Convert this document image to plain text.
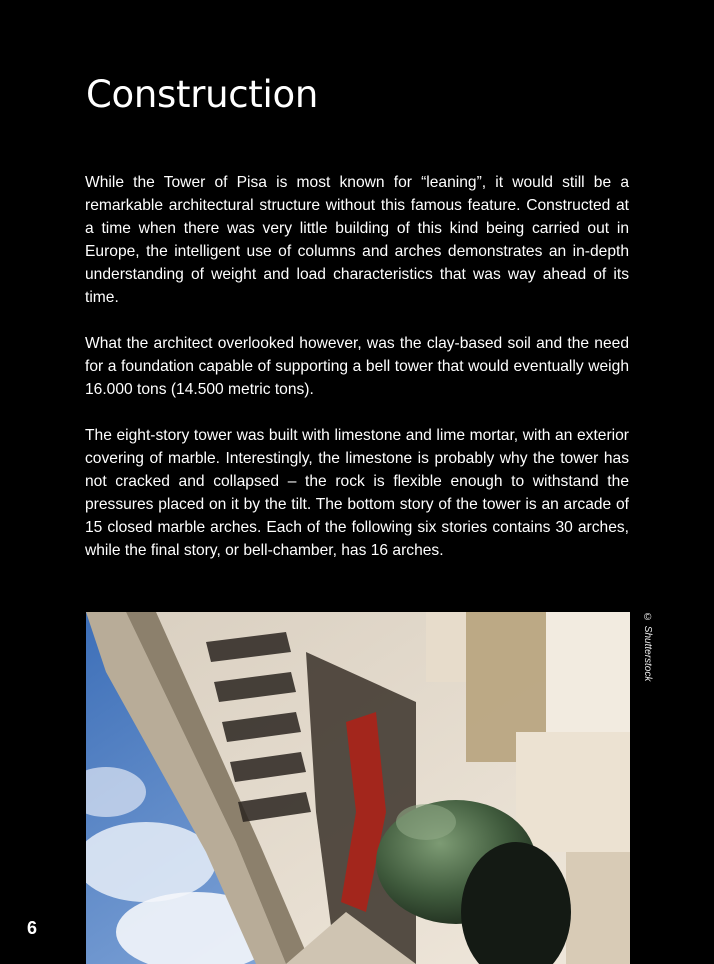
Construction

While the Tower of Pisa is most known for “leaning”, it would still be a remarkable architectural structure without this famous feature. Constructed at a time when there was very little building of this kind being carried out in Europe, the intelligent use of columns and arches demonstrates an in-depth understanding of weight and load characteristics that was way ahead of its time.

What the architect overlooked however, was the clay-based soil and the need for a foundation capable of supporting a bell tower that would eventually weigh 16.000 tons (14.500 metric tons).

The eight-story tower was built with limestone and lime mortar, with an exterior covering of marble. Interestingly, the limestone is probably why the tower has not cracked and collapsed – the rock is flexible enough to withstand the pressures placed on it by the tilt. The bottom story of the tower is an arcade of 15 closed marble arches. Each of the following six stories contains 30 arches, while the final story, or bell-chamber, has 16 arches.

© Shutterstock

6
